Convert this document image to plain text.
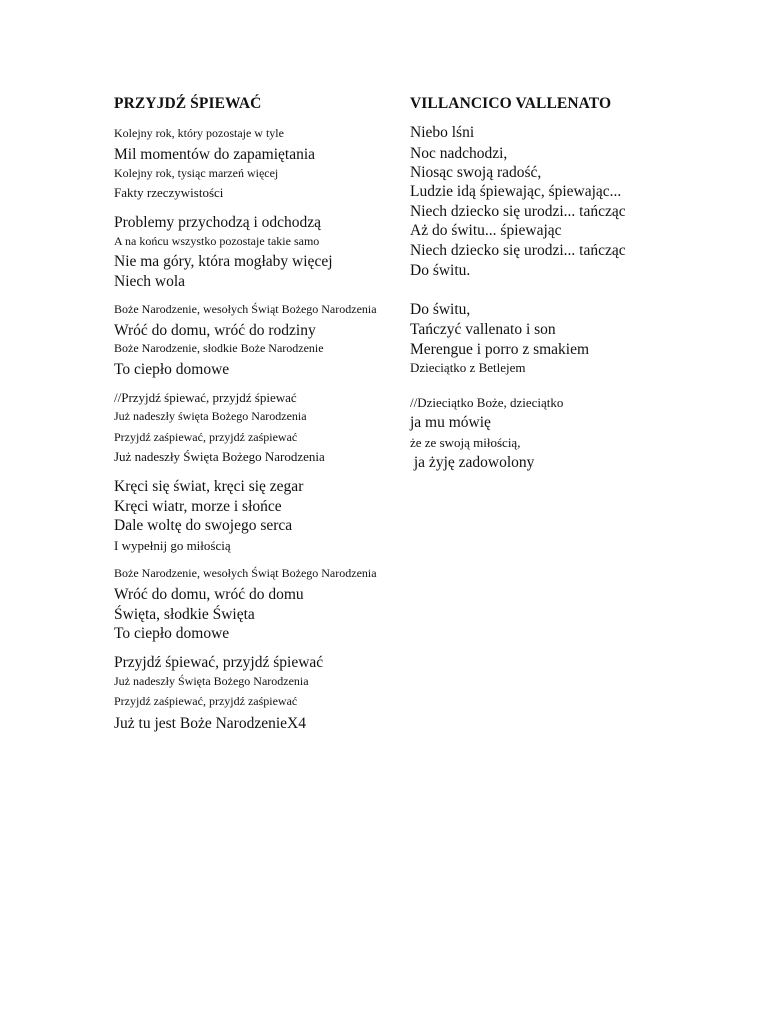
PRZYJDŹ ŚPIEWAĆ
Kolejny rok, który pozostaje w tyle
Mil momentów do zapamiętania
Kolejny rok, tysiąc marzeń więcej
Fakty rzeczywistości
Problemy przychodzą i odchodzą
A na końcu wszystko pozostaje takie samo
Nie ma góry, która mogłaby więcej
Niech wola
Boże Narodzenie, wesołych Świąt Bożego Narodzenia
Wróć do domu, wróć do rodziny
Boże Narodzenie, słodkie Boże Narodzenie
To ciepło domowe
//Przyjdź śpiewać, przyjdź śpiewać
Już nadeszły święta Bożego Narodzenia
Przyjdź zaśpiewać, przyjdź zaśpiewać
Już nadeszły Święta Bożego Narodzenia
Kręci się świat, kręci się zegar
Kręci wiatr, morze i słońce
Dale woltę do swojego serca
I wypełnij go miłością
Boże Narodzenie, wesołych Świąt Bożego Narodzenia
Wróć do domu, wróć do domu
Święta, słodkie Święta
To ciepło domowe
Przyjdź śpiewać, przyjdź śpiewać
Już nadeszły Święta Bożego Narodzenia
Przyjdź zaśpiewać, przyjdź zaśpiewać
Już tu jest Boże NarodzenieX4
VILLANCICO VALLENATO
Niebo lśni
Noc nadchodzi,
Niosąc swoją radość,
Ludzie idą śpiewając, śpiewając...
Niech dziecko się urodzi... tańcząc
Aż do świtu... śpiewając
Niech dziecko się urodzi... tańcząc
Do świtu.
Do świtu,
Tańczyć vallenato i son
Merengue i porro z smakiem
Dzieciątko z Betlejem
//Dzieciątko Boże, dzieciątko
ja mu mówię
że ze swoją miłością,
ja żyję zadowolony
